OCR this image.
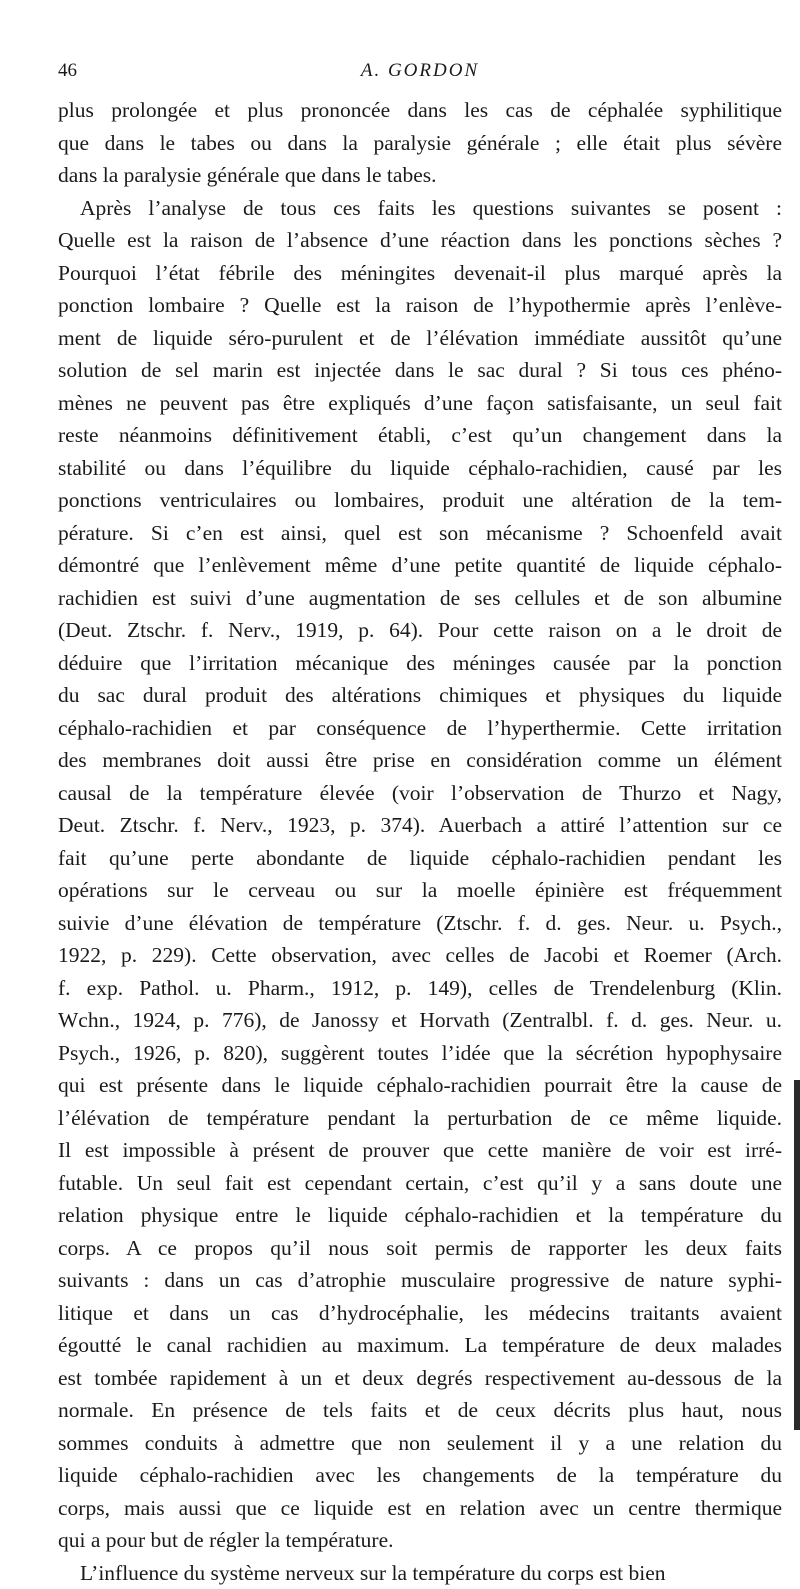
46	A. GORDON
plus prolongée et plus prononcée dans les cas de céphalée syphilitique
que dans le tabes ou dans la paralysie générale ; elle était plus sévère
dans la paralysie générale que dans le tabes.
Après l’analyse de tous ces faits les questions suivantes se posent :
Quelle est la raison de l’absence d’une réaction dans les ponctions sèches ?
Pourquoi l’état fébrile des méningites devenait-il plus marqué après la
ponction lombaire ? Quelle est la raison de l’hypothermie après l’enlève-
ment de liquide séro-purulent et de l’élévation immédiate aussitôt qu’une
solution de sel marin est injectée dans le sac dural ? Si tous ces phéno-
mènes ne peuvent pas être expliqués d’une façon satisfaisante, un seul fait
reste néanmoins définitivement établi, c’est qu’un changement dans la
stabilité ou dans l’équilibre du liquide céphalo-rachidien, causé par les
ponctions ventriculaires ou lombaires, produit une altération de la tem-
pérature. Si c’en est ainsi, quel est son mécanisme ? Schoenfeld avait
démontré que l’enlèvement même d’une petite quantité de liquide céphalo-
rachidien est suivi d’une augmentation de ses cellules et de son albumine
(Deut. Ztschr. f. Nerv., 1919, p. 64). Pour cette raison on a le droit de
déduire que l’irritation mécanique des méninges causée par la ponction
du sac dural produit des altérations chimiques et physiques du liquide
céphalo-rachidien et par conséquence de l’hyperthermie. Cette irritation
des membranes doit aussi être prise en considération comme un élément
causal de la température élevée (voir l’observation de Thurzo et Nagy,
Deut. Ztschr. f. Nerv., 1923, p. 374). Auerbach a attiré l’attention sur ce
fait qu’une perte abondante de liquide céphalo-rachidien pendant les
opérations sur le cerveau ou sur la moelle épinière est fréquemment
suivie d’une élévation de température (Ztschr. f. d. ges. Neur. u. Psych.,
1922, p. 229). Cette observation, avec celles de Jacobi et Roemer (Arch.
f. exp. Pathol. u. Pharm., 1912, p. 149), celles de Trendelenburg (Klin.
Wchn., 1924, p. 776), de Janossy et Horvath (Zentralbl. f. d. ges. Neur. u.
Psych., 1926, p. 820), suggèrent toutes l’idée que la sécrétion hypophysaire
qui est présente dans le liquide céphalo-rachidien pourrait être la cause de
l’élévation de température pendant la perturbation de ce même liquide.
Il est impossible à présent de prouver que cette manière de voir est irré-
futable. Un seul fait est cependant certain, c’est qu’il y a sans doute une
relation physique entre le liquide céphalo-rachidien et la température du
corps. A ce propos qu’il nous soit permis de rapporter les deux faits
suivants : dans un cas d’atrophie musculaire progressive de nature syphi-
litique et dans un cas d’hydrocéphalie, les médecins traitants avaient
égoutté le canal rachidien au maximum. La température de deux malades
est tombée rapidement à un et deux degrés respectivement au-dessous de la
normale. En présence de tels faits et de ceux décrits plus haut, nous
sommes conduits à admettre que non seulement il y a une relation du
liquide céphalo-rachidien avec les changements de la température du
corps, mais aussi que ce liquide est en relation avec un centre thermique
qui a pour but de régler la température.
L’influence du système nerveux sur la température du corps est bien
